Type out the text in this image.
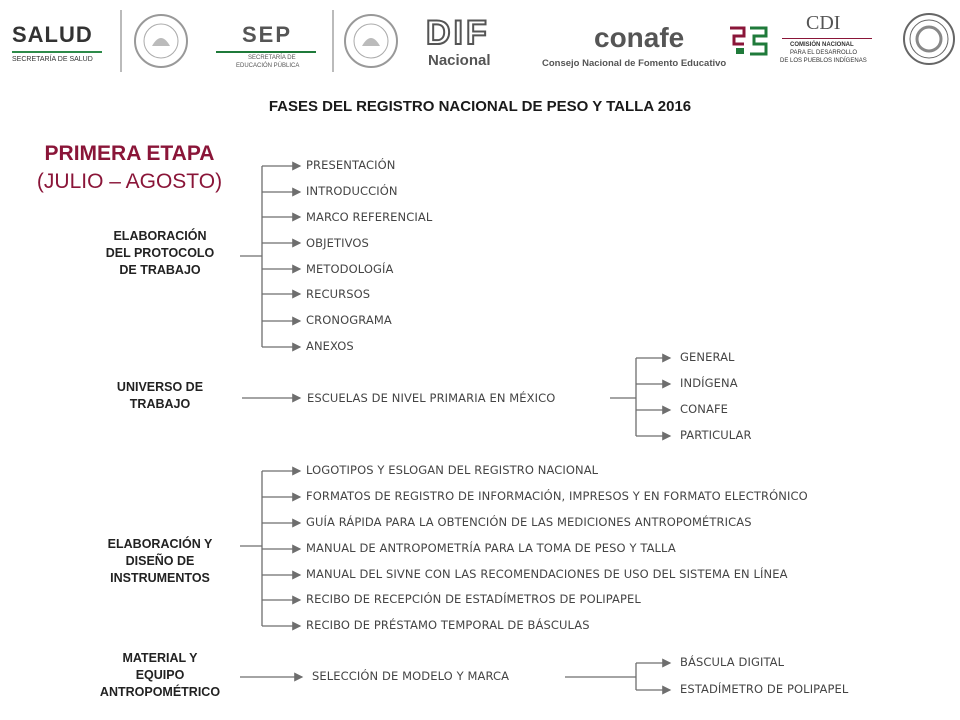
SALUD
SECRETARÍA DE SALUD
SEP
SECRETARÍA DE
EDUCACIÓN PÚBLICA
DIF
Nacional
conafe
Consejo Nacional de Fomento Educativo
CDI
COMISIÓN NACIONAL
PARA EL DESARROLLO
DE LOS PUEBLOS INDÍGENAS
FASES DEL REGISTRO NACIONAL DE PESO Y TALLA 2016
PRIMERA ETAPA
(JULIO – AGOSTO)
ELABORACIÓN
DEL PROTOCOLO
DE TRABAJO
PRESENTACIÓN
INTRODUCCIÓN
MARCO REFERENCIAL
OBJETIVOS
METODOLOGÍA
RECURSOS
CRONOGRAMA
ANEXOS
UNIVERSO DE
TRABAJO	ESCUELAS DE NIVEL PRIMARIA EN MÉXICO
GENERAL
INDÍGENA
CONAFE
PARTICULAR
ELABORACIÓN Y
DISEÑO DE
INSTRUMENTOS
LOGOTIPOS Y ESLOGAN DEL REGISTRO NACIONAL
FORMATOS DE REGISTRO DE INFORMACIÓN, IMPRESOS Y EN FORMATO ELECTRÓNICO
GUÍA RÁPIDA PARA LA OBTENCIÓN DE LAS MEDICIONES ANTROPOMÉTRICAS
MANUAL DE ANTROPOMETRÍA PARA LA TOMA DE PESO Y TALLA
MANUAL DEL SIVNE CON LAS RECOMENDACIONES DE USO DEL SISTEMA EN LÍNEA
RECIBO DE RECEPCIÓN DE ESTADÍMETROS DE POLIPAPEL
RECIBO DE PRÉSTAMO TEMPORAL DE BÁSCULAS
MATERIAL Y
EQUIPO
ANTROPOMÉTRICO
SELECCIÓN DE MODELO Y MARCA
BÁSCULA DIGITAL
ESTADÍMETRO DE POLIPAPEL
